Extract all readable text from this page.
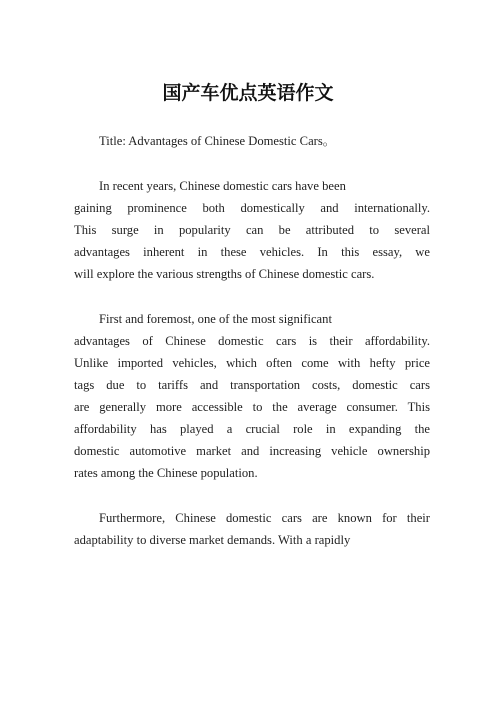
国产车优点英语作文

Title: Advantages of Chinese Domestic Cars。

In recent years, Chinese domestic cars have been
gaining prominence both domestically and internationally.
This surge in popularity can be attributed to several
advantages inherent in these vehicles. In this essay, we
will explore the various strengths of Chinese domestic cars.

First and foremost, one of the most significant
advantages of Chinese domestic cars is their affordability.
Unlike imported vehicles, which often come with hefty price
tags due to tariffs and transportation costs, domestic cars
are generally more accessible to the average consumer. This
affordability has played a crucial role in expanding the
domestic automotive market and increasing vehicle ownership
rates among the Chinese population.

Furthermore, Chinese domestic cars are known for their
adaptability to diverse market demands. With a rapidly
